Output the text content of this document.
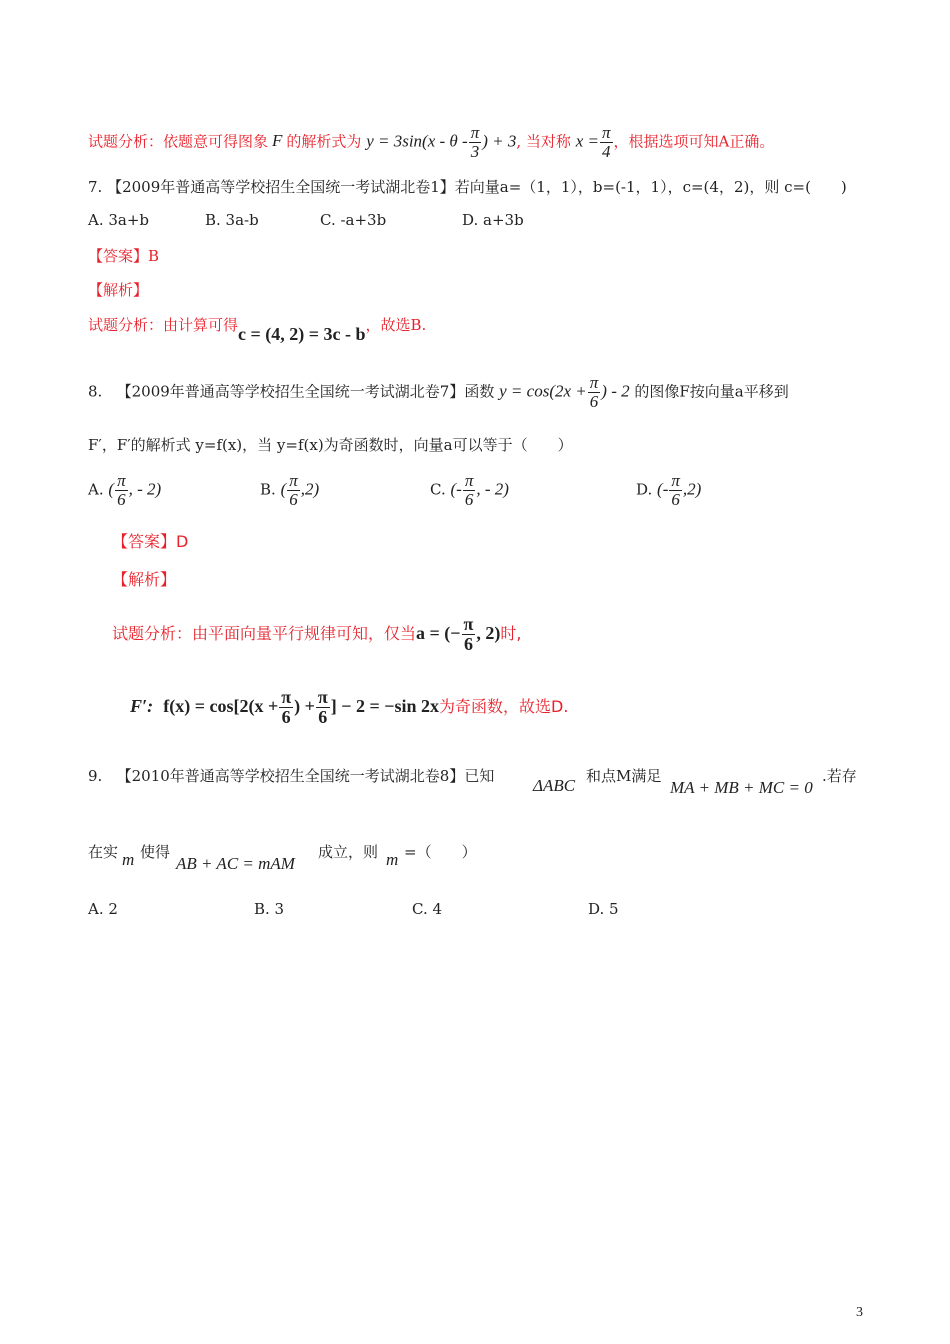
试题分析：依题意可得图象 F 的解析式为 $y = 3\sin(x - \theta - \frac{\pi}{3}$ ) + 3, 当对称 $x = \frac{\pi}{4}$ ，根据选项可知A正确。
7. 【2009年普通高等学校招生全国统一考试湖北卷1】若向量a=（1，1），b=(-1，1），c=(4，2)，则 c=(　　)
A. 3a+b	B. 3a-b	C. -a+3b	D. a+3b
【答案】B
【解析】
试题分析：由计算可得c = (4, 2) = 3c - b，故选B.
8. 【2009年普通高等学校招生全国统一考试湖北卷7】函数 $y = \cos(2x + \frac{\pi}{6}$ ) - 2 的图像F按向量a平移到
F′，F′的解析式 y=f(x)，当 y=f(x)为奇函数时，向量a可以等于（　　）
A. ( $\frac{\pi}{6}$ , - 2)	B. ( $\frac{\pi}{6} ,2$)	C. (- $\frac{\pi}{6}$ , - 2)	D. (- $\frac{\pi}{6} ,2$)
【答案】D
【解析】
试题分析：由平面向量平行规律可知，仅当a = (− $\frac{\pi}{6}$ , 2)时,
F′: $f(x) = \cos[2(x + \frac{\pi}{6}$ ) + $\frac{\pi}{6}$ ] − 2 = −sin 2x为奇函数，故选D.
9. 【2010年普通高等学校招生全国统一考试湖北卷8】已知 ΔABC 和点M满足
MA + MB + MC = 0
.若存
在实 m 使得
AB + AC = mAM
成立，则 m =（　　）
A. 2	B. 3	C. 4	D. 5
3
